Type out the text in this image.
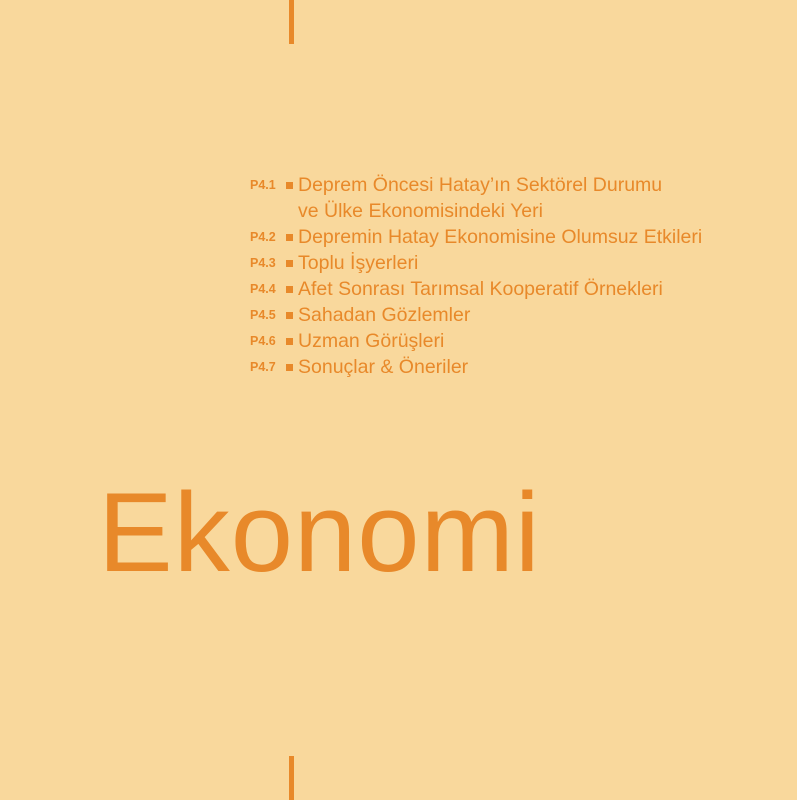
P4.1	Deprem Öncesi Hatay’ın Sektörel Durumu
ve Ülke Ekonomisindeki Yeri
P4.2	Depremin Hatay Ekonomisine Olumsuz Etkileri
P4.3	Toplu İşyerleri
P4.4	Afet Sonrası Tarımsal Kooperatif Örnekleri
P4.5	Sahadan Gözlemler
P4.6	Uzman Görüşleri
P4.7	Sonuçlar & Öneriler
Ekonomi
